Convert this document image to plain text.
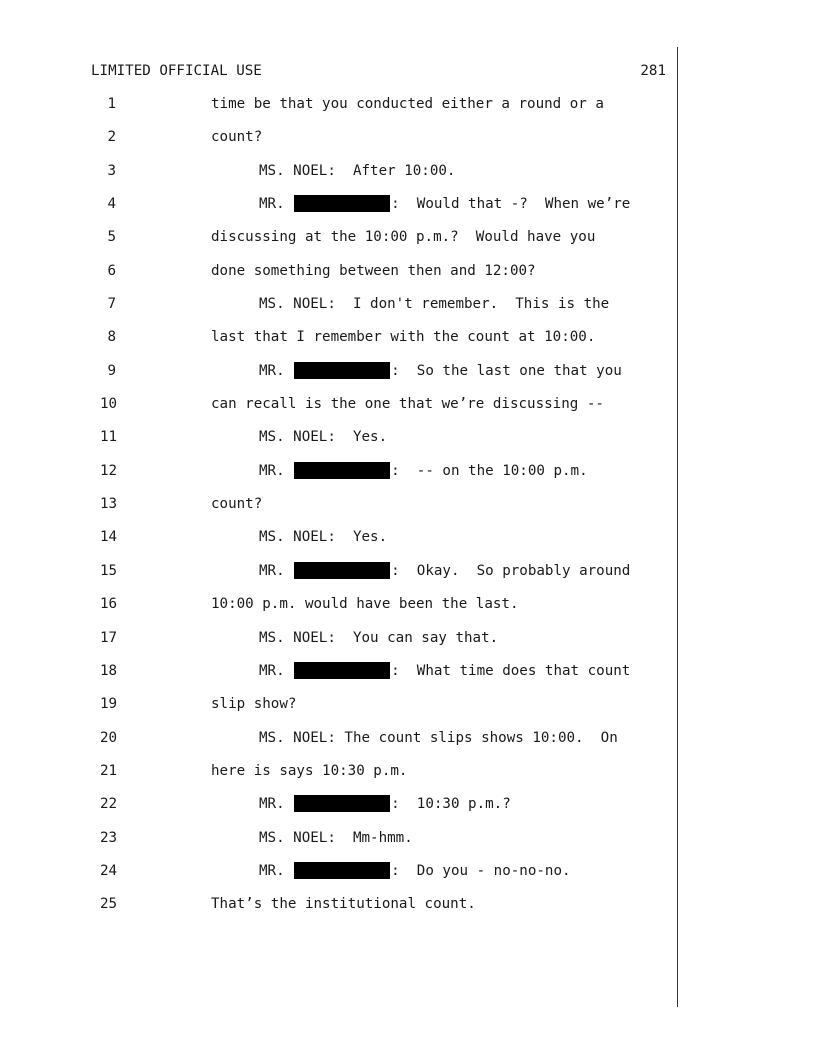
LIMITED OFFICIAL USE	281
1	time be that you conducted either a round or a
2	count?
3	MS. NOEL:  After 10:00.
4	MR.	:  Would that -?  When we’re
5	discussing at the 10:00 p.m.?  Would have you
6	done something between then and 12:00?
7	MS. NOEL:  I don't remember.  This is the
8	last that I remember with the count at 10:00.
9	MR.	:  So the last one that you
10	can recall is the one that we’re discussing --
11	MS. NOEL:  Yes.
12	MR.	:  -- on the 10:00 p.m.
13	count?
14	MS. NOEL:  Yes.
15	MR.	:  Okay.  So probably around
16	10:00 p.m. would have been the last.
17	MS. NOEL:  You can say that.
18	MR.	:  What time does that count
19	slip show?
20	MS. NOEL: The count slips shows 10:00.  On
21	here is says 10:30 p.m.
22	MR.	:  10:30 p.m.?
23	MS. NOEL:  Mm-hmm.
24	MR.	:  Do you - no-no-no.
25	That’s the institutional count.
